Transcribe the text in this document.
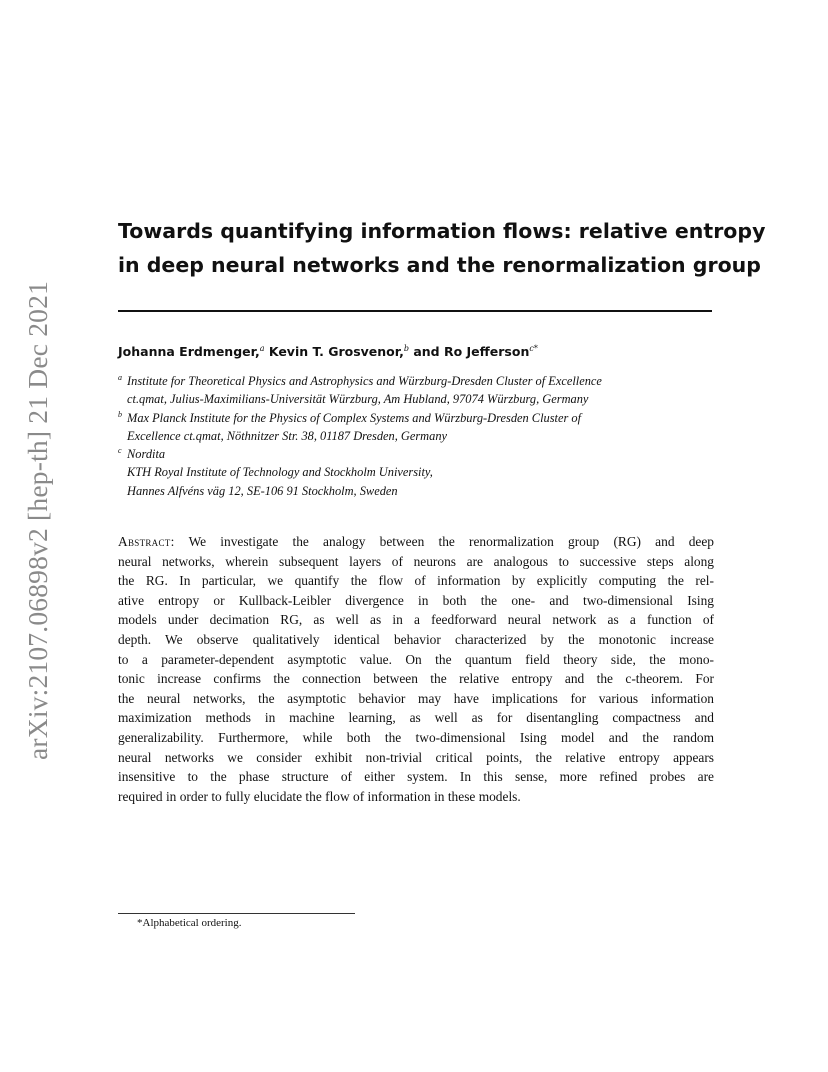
arXiv:2107.06898v2 [hep-th] 21 Dec 2021
Towards quantifying information flows: relative entropy
in deep neural networks and the renormalization group
Johanna Erdmenger,$^a$ Kevin T. Grosvenor,$^b$ and Ro Jefferson$^{c*}$
a Institute for Theoretical Physics and Astrophysics and Würzburg-Dresden Cluster of Excellence
ct.qmat, Julius-Maximilians-Universität Würzburg, Am Hubland, 97074 Würzburg, Germany
b Max Planck Institute for the Physics of Complex Systems and Würzburg-Dresden Cluster of
Excellence ct.qmat, Nöthnitzer Str. 38, 01187 Dresden, Germany
c Nordita
KTH Royal Institute of Technology and Stockholm University,
Hannes Alfvéns väg 12, SE-106 91 Stockholm, Sweden
Abstract: We investigate the analogy between the renormalization group (RG) and deep
neural networks, wherein subsequent layers of neurons are analogous to successive steps along
the RG. In particular, we quantify the flow of information by explicitly computing the rel-
ative entropy or Kullback-Leibler divergence in both the one- and two-dimensional Ising
models under decimation RG, as well as in a feedforward neural network as a function of
depth. We observe qualitatively identical behavior characterized by the monotonic increase
to a parameter-dependent asymptotic value. On the quantum field theory side, the mono-
tonic increase confirms the connection between the relative entropy and the c-theorem. For
the neural networks, the asymptotic behavior may have implications for various information
maximization methods in machine learning, as well as for disentangling compactness and
generalizability. Furthermore, while both the two-dimensional Ising model and the random
neural networks we consider exhibit non-trivial critical points, the relative entropy appears
insensitive to the phase structure of either system. In this sense, more refined probes are
required in order to fully elucidate the flow of information in these models.
*Alphabetical ordering.
